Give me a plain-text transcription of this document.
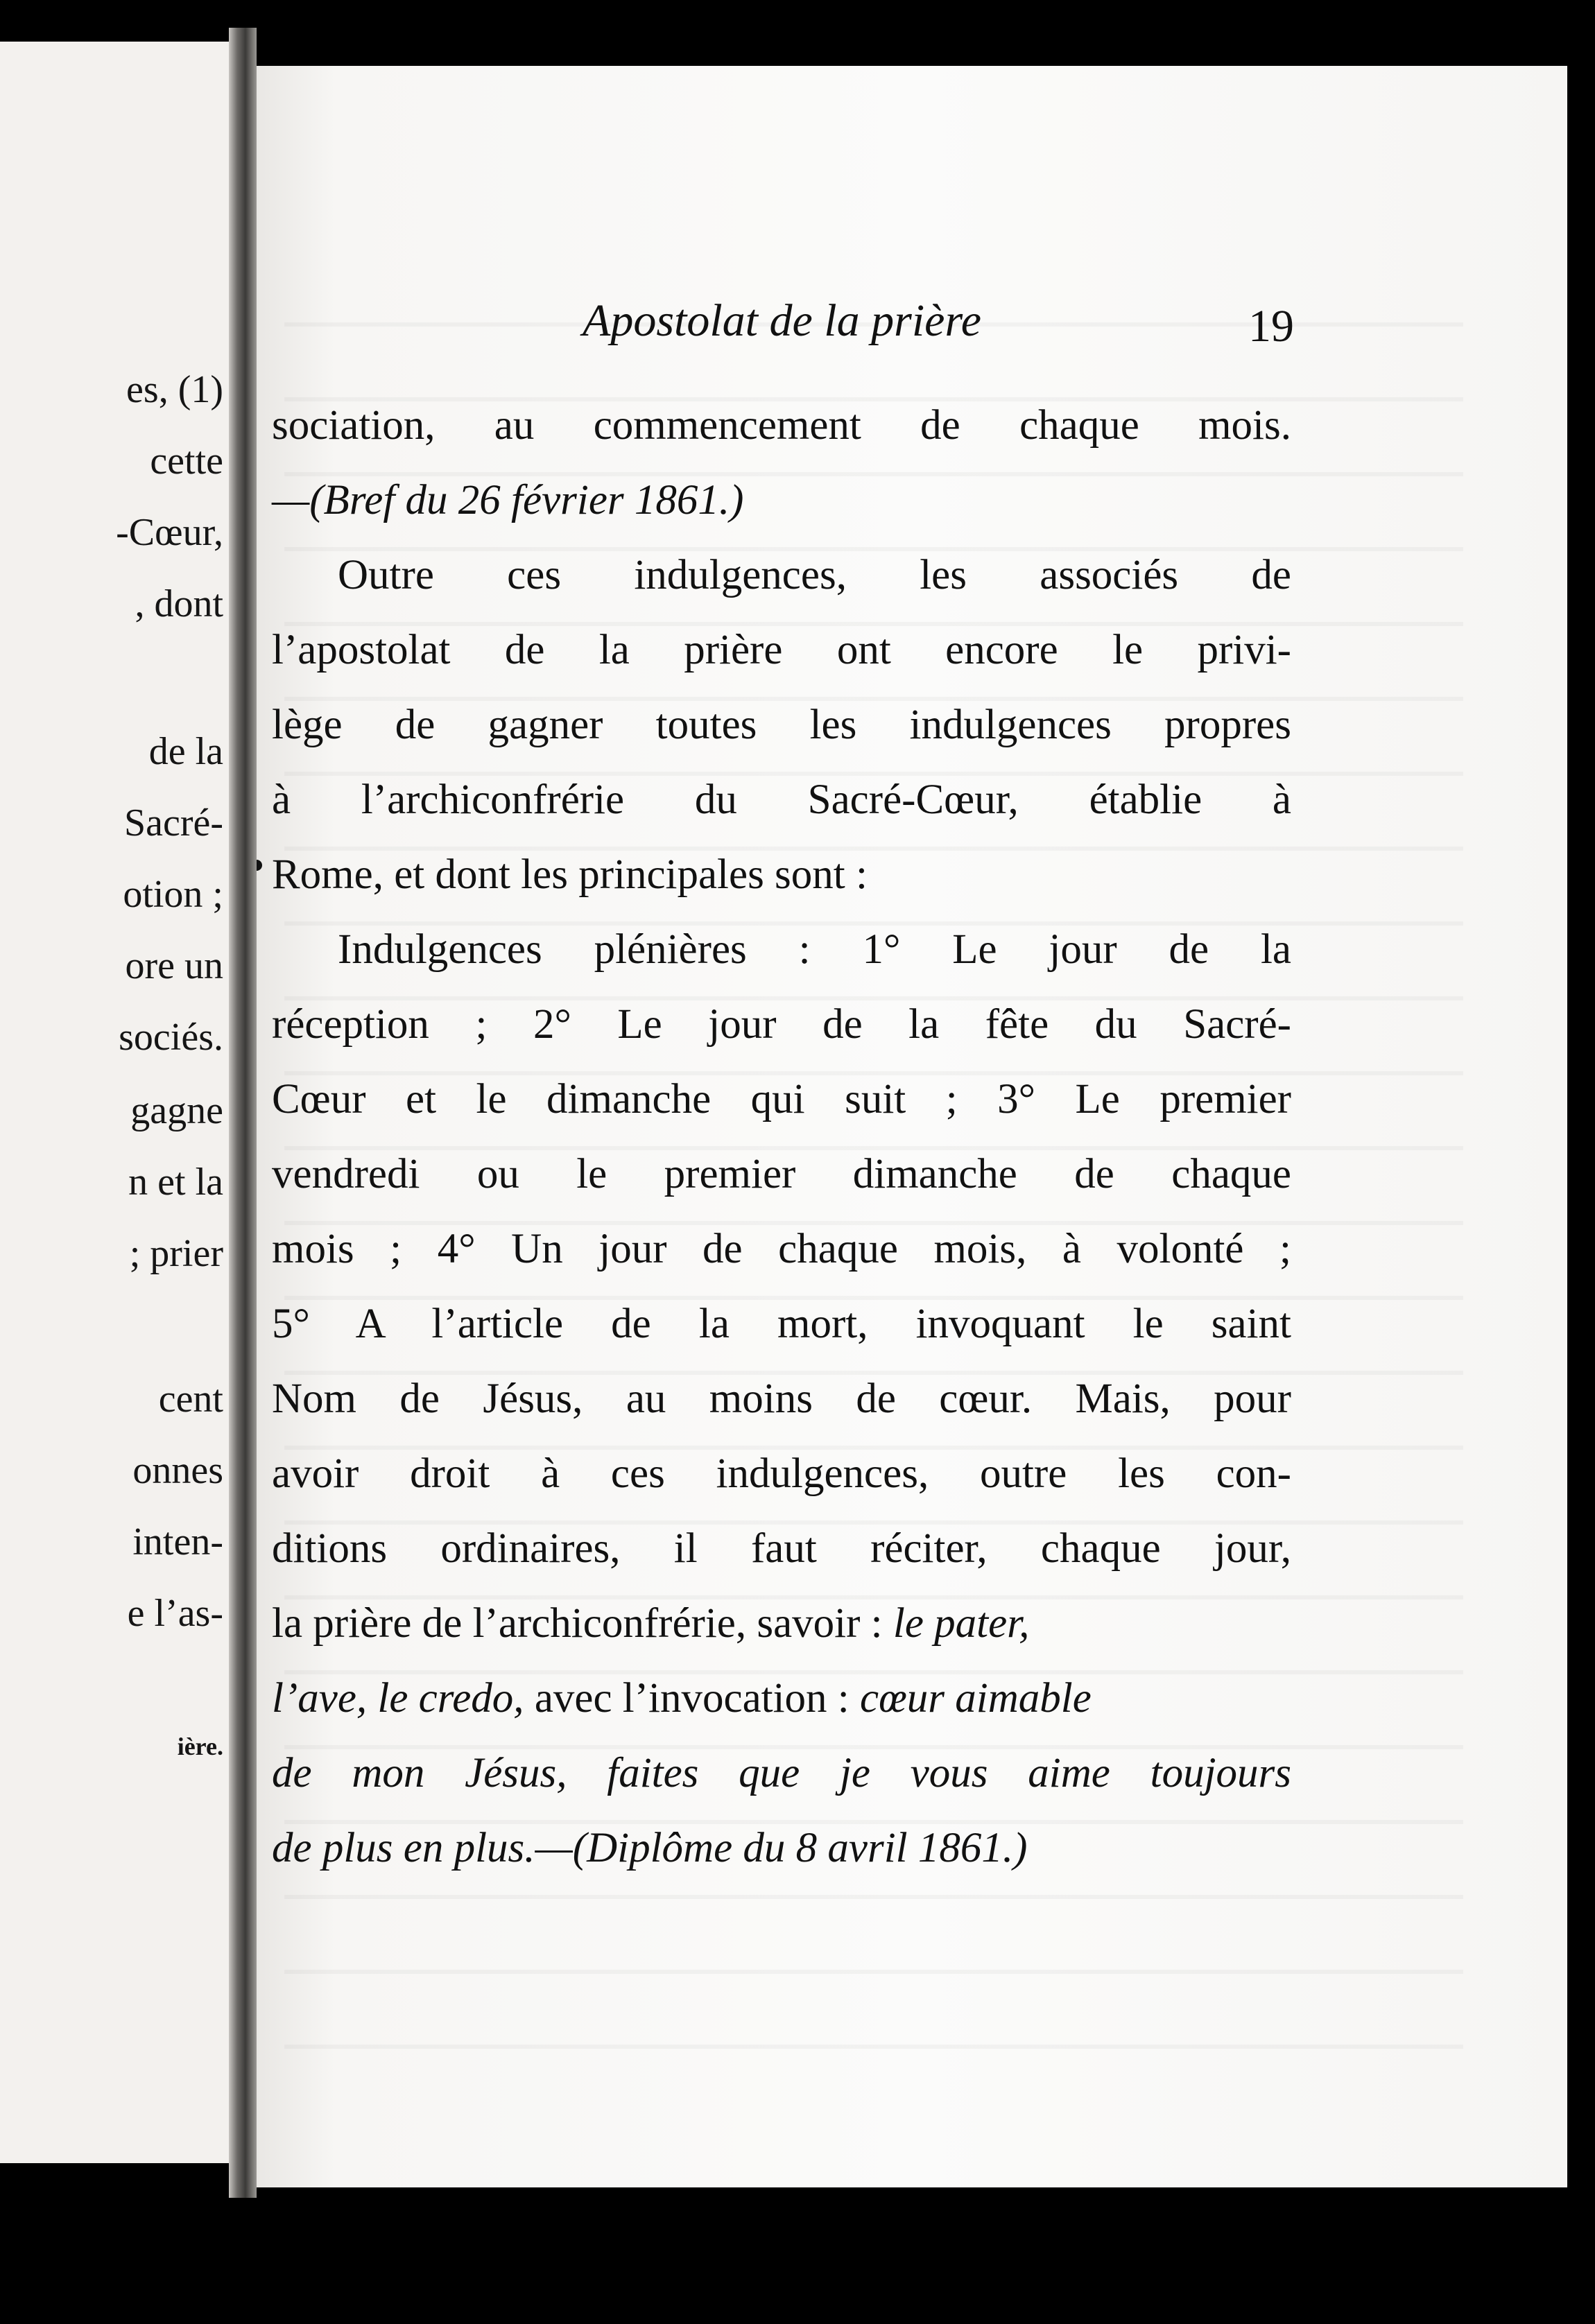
es, (1)
cette
-Cœur,
, dont
de la
Sacré-
otion ;
ore un
sociés.
gagne
n et la
; prier
cent
onnes
inten-
e l’as-
ière.
Apostolat de la prière	19
sociation, au commencement de chaque mois.
—(Bref du 26 février 1861.)
Outre ces indulgences, les associés de
l’apostolat de la prière ont encore le privi-
lège de gagner toutes les indulgences propres
à l’archiconfrérie du Sacré-Cœur, établie à
Rome, et dont les principales sont :
Indulgences plénières : 1° Le jour de la
réception ; 2° Le jour de la fête du Sacré-
Cœur et le dimanche qui suit ; 3° Le premier
vendredi ou le premier dimanche de chaque
mois ; 4° Un jour de chaque mois, à volonté ;
5° A l’article de la mort, invoquant le saint
Nom de Jésus, au moins de cœur. Mais, pour
avoir droit à ces indulgences, outre les con-
ditions ordinaires, il faut réciter, chaque jour,
la prière de l’archiconfrérie, savoir : le pater,
l’ave, le credo, avec l’invocation : cœur aimable
de mon Jésus, faites que je vous aime toujours
de plus en plus.—(Diplôme du 8 avril 1861.)
